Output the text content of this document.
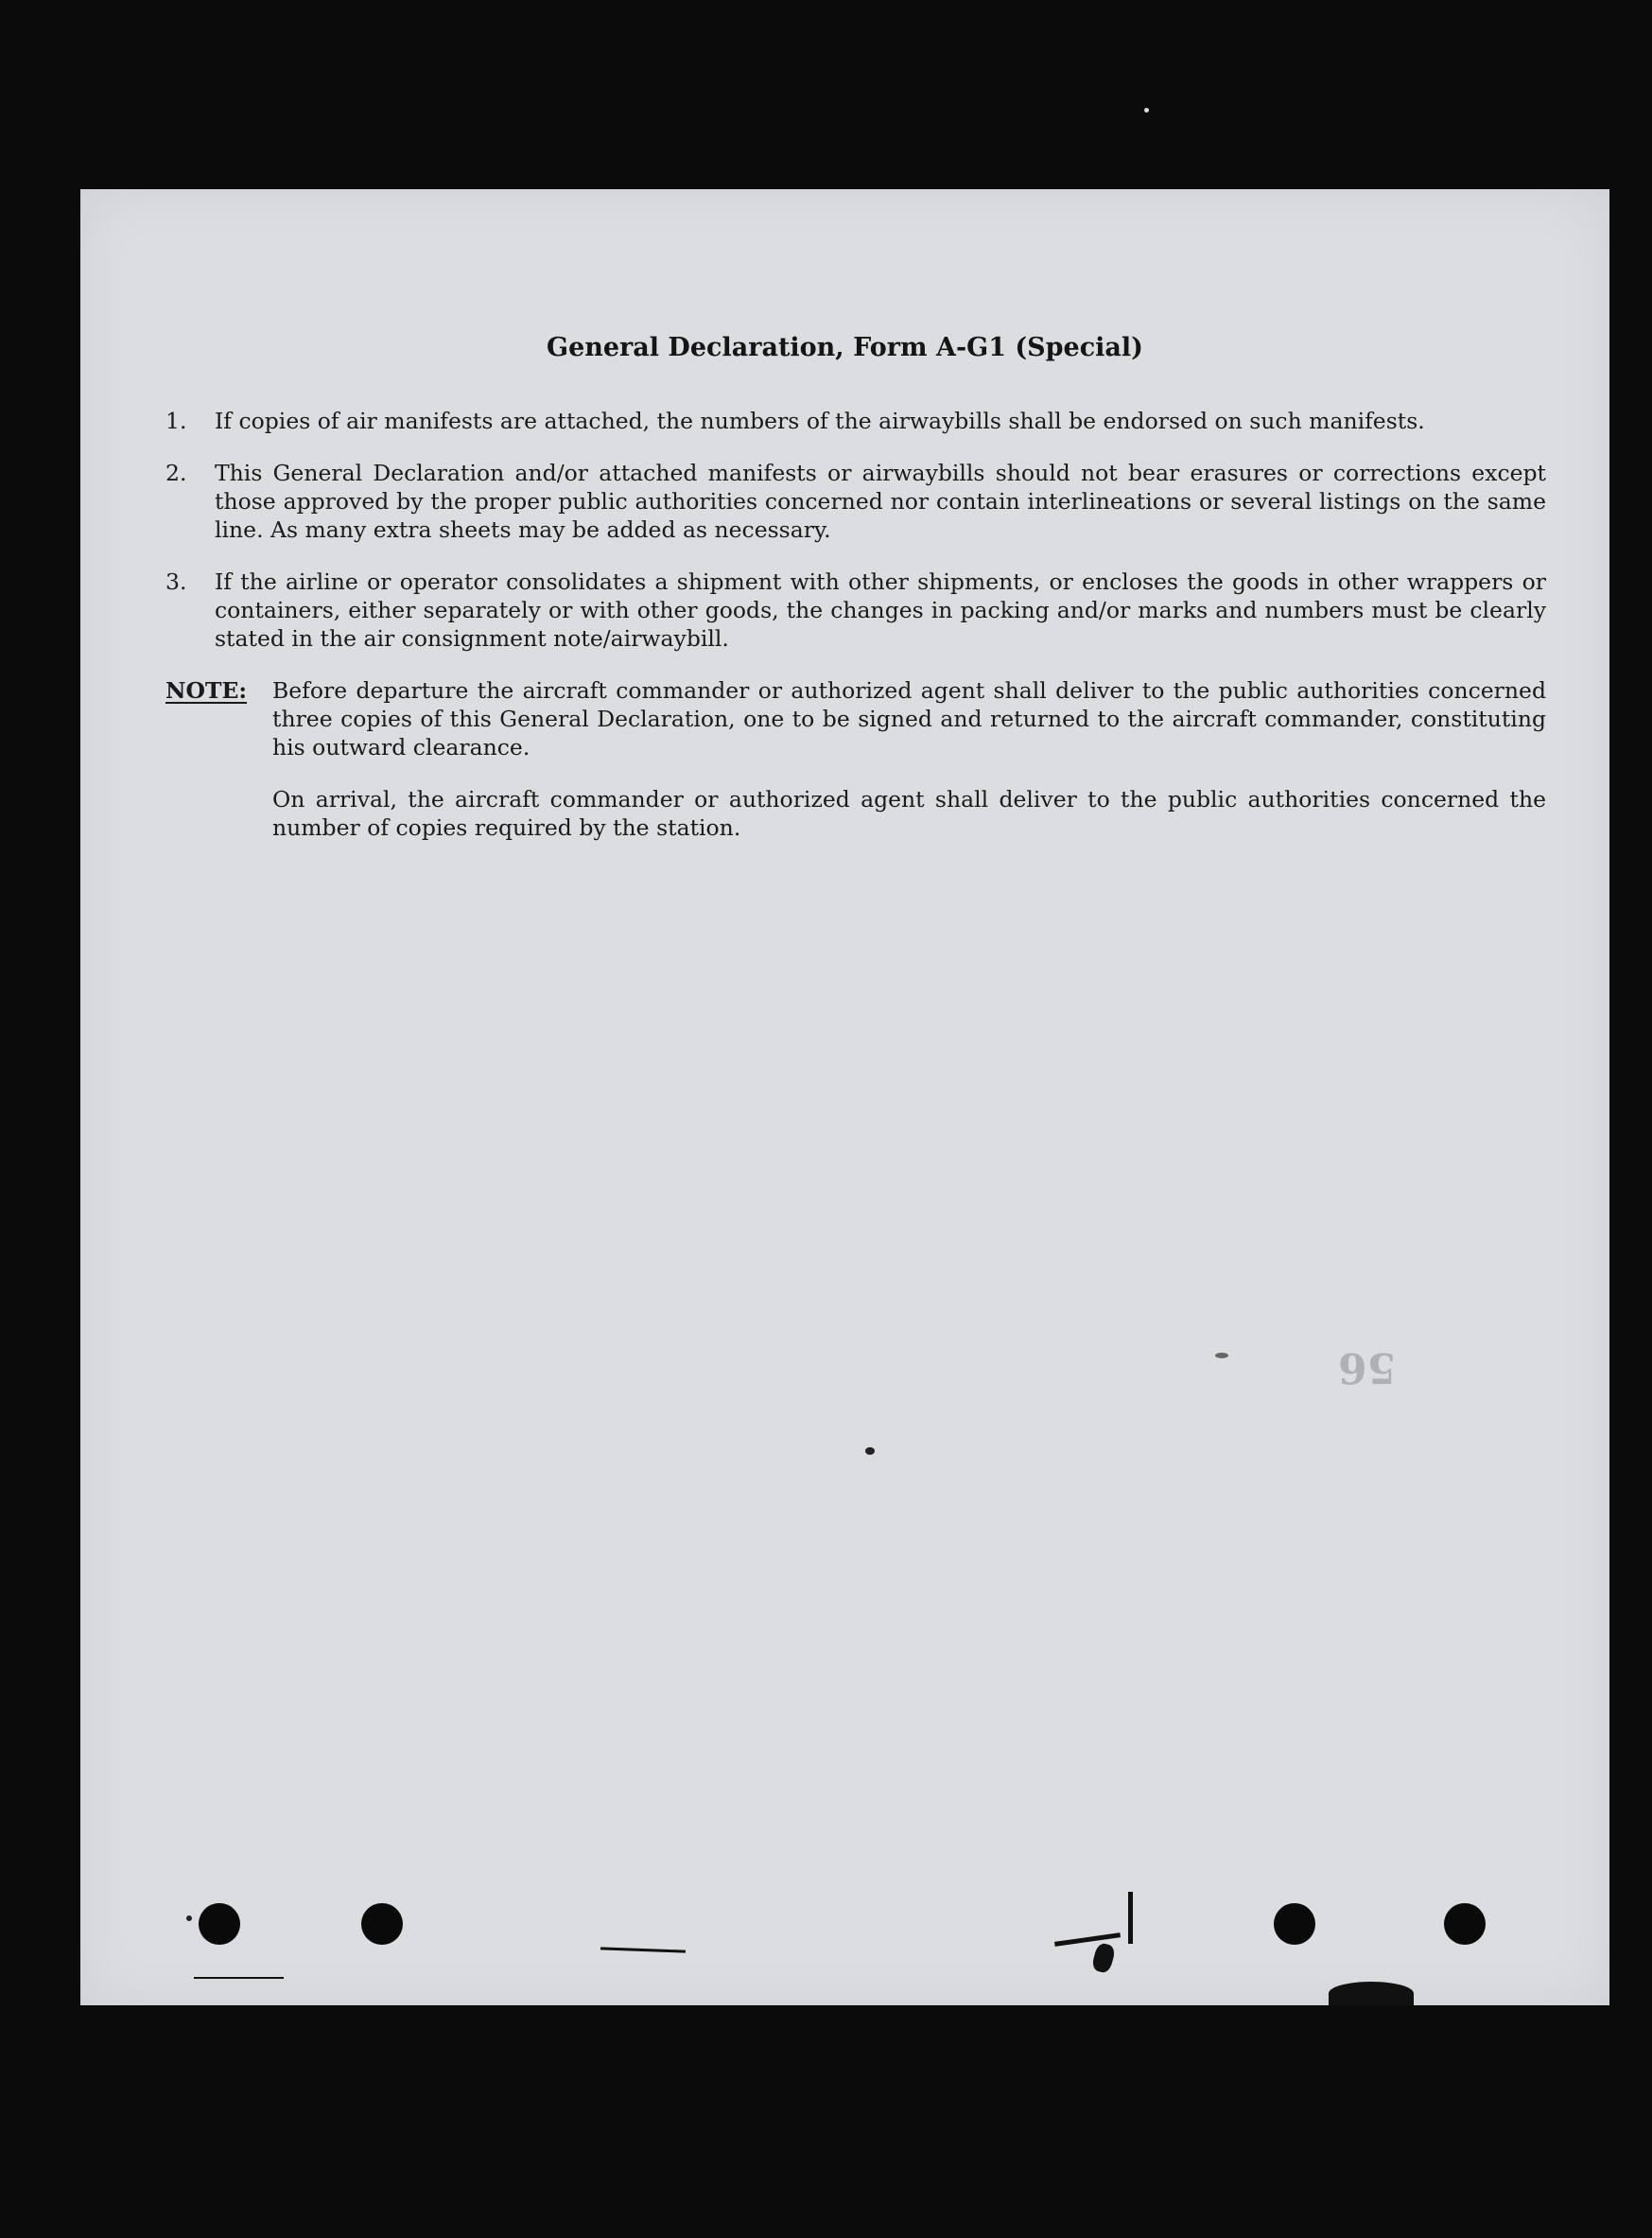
General Declaration, Form A-G1 (Special)
1.	If copies of air manifests are attached, the numbers of the airwaybills shall be endorsed on such manifests.
2.	This General Declaration and/or attached manifests or airwaybills should not bear erasures or corrections except those approved by the proper public authorities concerned nor contain interlineations or several listings on the same line. As many extra sheets may be added as necessary.
3.	If the airline or operator consolidates a shipment with other shipments, or encloses the goods in other wrappers or containers, either separately or with other goods, the changes in packing and/or marks and numbers must be clearly stated in the air consignment note/airwaybill.
NOTE: Before departure the aircraft commander or authorized agent shall deliver to the public authorities concerned three copies of this General Declaration, one to be signed and returned to the aircraft commander, constituting his outward clearance.
On arrival, the aircraft commander or authorized agent shall deliver to the public authorities concerned the number of copies required by the station.
56
